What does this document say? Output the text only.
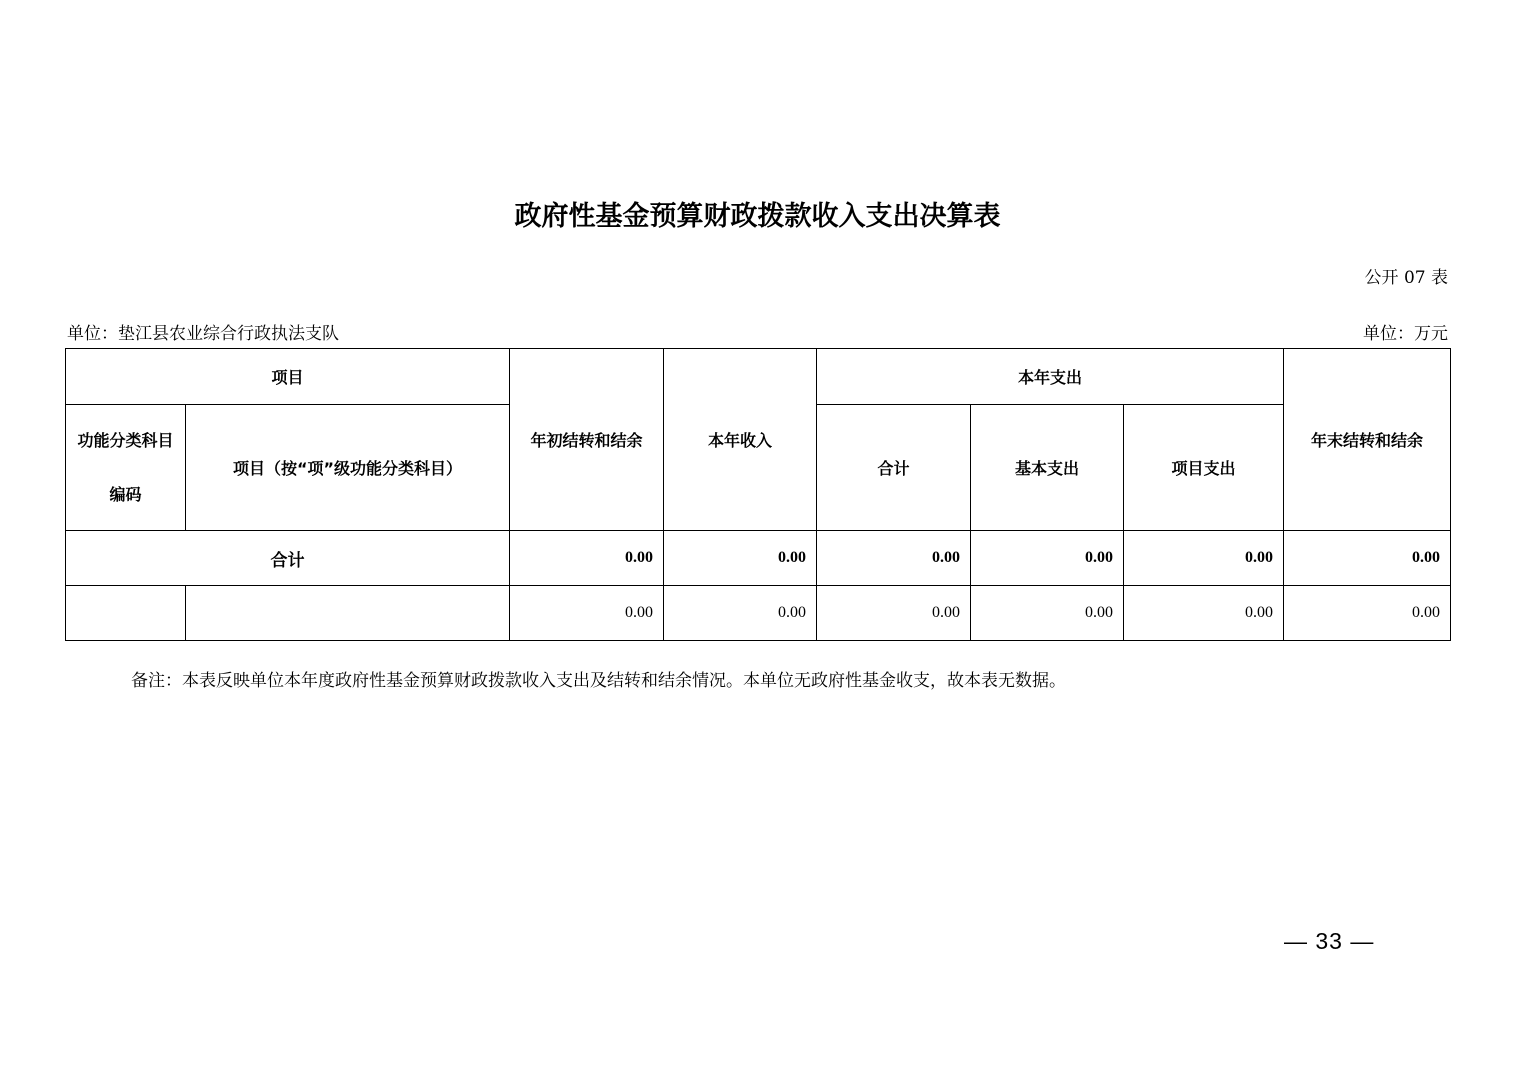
政府性基金预算财政拨款收入支出决算表
公开 07 表
单位：垫江县农业综合行政执法支队	单位：万元
项目		年初结转和结余	本年收入	本年支出			年末结转和结余

功能分类科目
编码	项目（按“项”级功能分类科目）			合计	基本支出	项目支出	
合计		0.00	0.00	0.00	0.00	0.00	0.00
		0.00	0.00	0.00	0.00	0.00	0.00
备注：本表反映单位本年度政府性基金预算财政拨款收入支出及结转和结余情况。本单位无政府性基金收支，故本表无数据。
— 33 —
